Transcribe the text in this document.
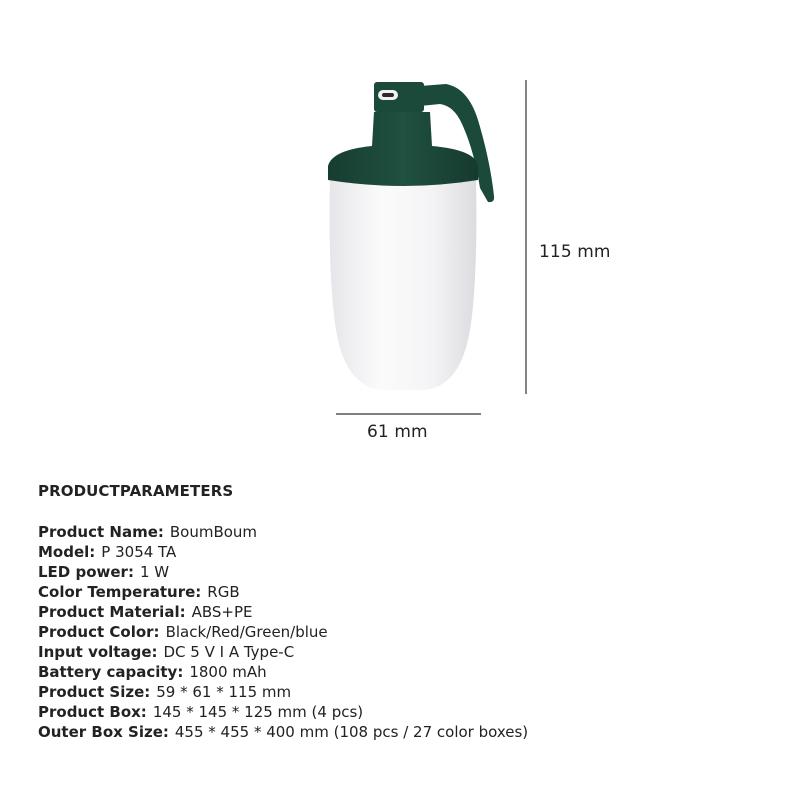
61 mm
115 mm
PRODUCTPARAMETERS
Product Name: BoumBoum
Model: P 3054 TA
LED power: 1 W
Color Temperature: RGB
Product Material: ABS+PE
Product Color: Black/Red/Green/blue
Input voltage: DC 5 V I A Type-C
Battery capacity: 1800 mAh
Product Size: 59 * 61 * 115 mm
Product Box: 145 * 145 * 125 mm (4 pcs)
Outer Box Size: 455 * 455 * 400 mm (108 pcs / 27 color boxes)
